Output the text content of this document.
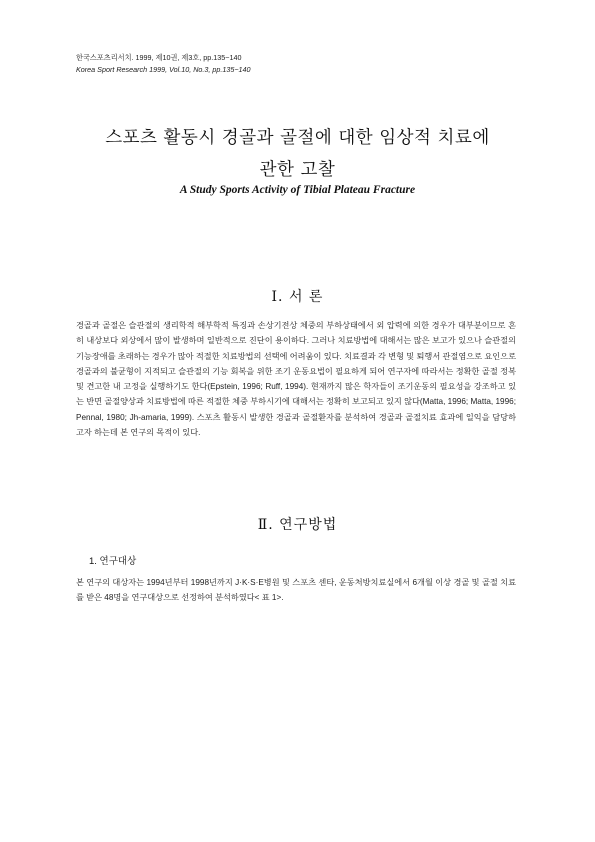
한국스포츠리서치. 1999, 제10권, 제3호, pp.135~140
Korea Sport Research 1999, Vol.10, No.3, pp.135~140
스포츠 활동시 경골과 골절에 대한 임상적 치료에
관한 고찰
A Study Sports Activity of Tibial Plateau Fracture
Ⅰ. 서 론
경골과 골절은 슬관절의 생리학적 해부학적 특징과 손상기전상 체중의 부하상태에서 외 압력에 의한 경우가 대부분이므로 흔히 내상보다 외상에서 많이 발생하며 일반적으로 진단이 용이하다. 그러나 치료방법에 대해서는 많은 보고가 있으나 슬관절의 기능장애를 초래하는 경우가 많아 적절한 치료방법의 선택에 어려움이 있다. 치료결과 각 변형 및 퇴행서 관절염으로 요인으로 경골과의 불균형이 지적되고 슬관절의 기능 회복을 위한 조기 운동요법이 필요하게 되어 연구자에 따라서는 정확한 골절 정복 및 견고한 내 고정을 실행하기도 한다(Epstein, 1996; Ruff, 1994). 현재까지 많은 학자들이 조기운동의 필요성을 강조하고 있는 반면 골절양상과 치료방법에 따른 적절한 체중 부하시기에 대해서는 정확히 보고되고 있지 않다(Matta, 1996; Matta, 1996; Pennal, 1980; Jh-amaria, 1999). 스포츠 활동시 발생한 경골과 골절환자를 분석하여 경골과 골절치료 효과에 일익을 담당하고자 하는데 본 연구의 목적이 있다.
Ⅱ. 연구방법
1. 연구대상
본 연구의 대상자는 1994년부터 1998년까지 J·K·S·E병원 및 스포츠 센타, 운동처방치료실에서 6개월 이상 경골 및 골절 치료를 받은 48명을 연구대상으로 선정하여 분석하였다< 표 1>.
